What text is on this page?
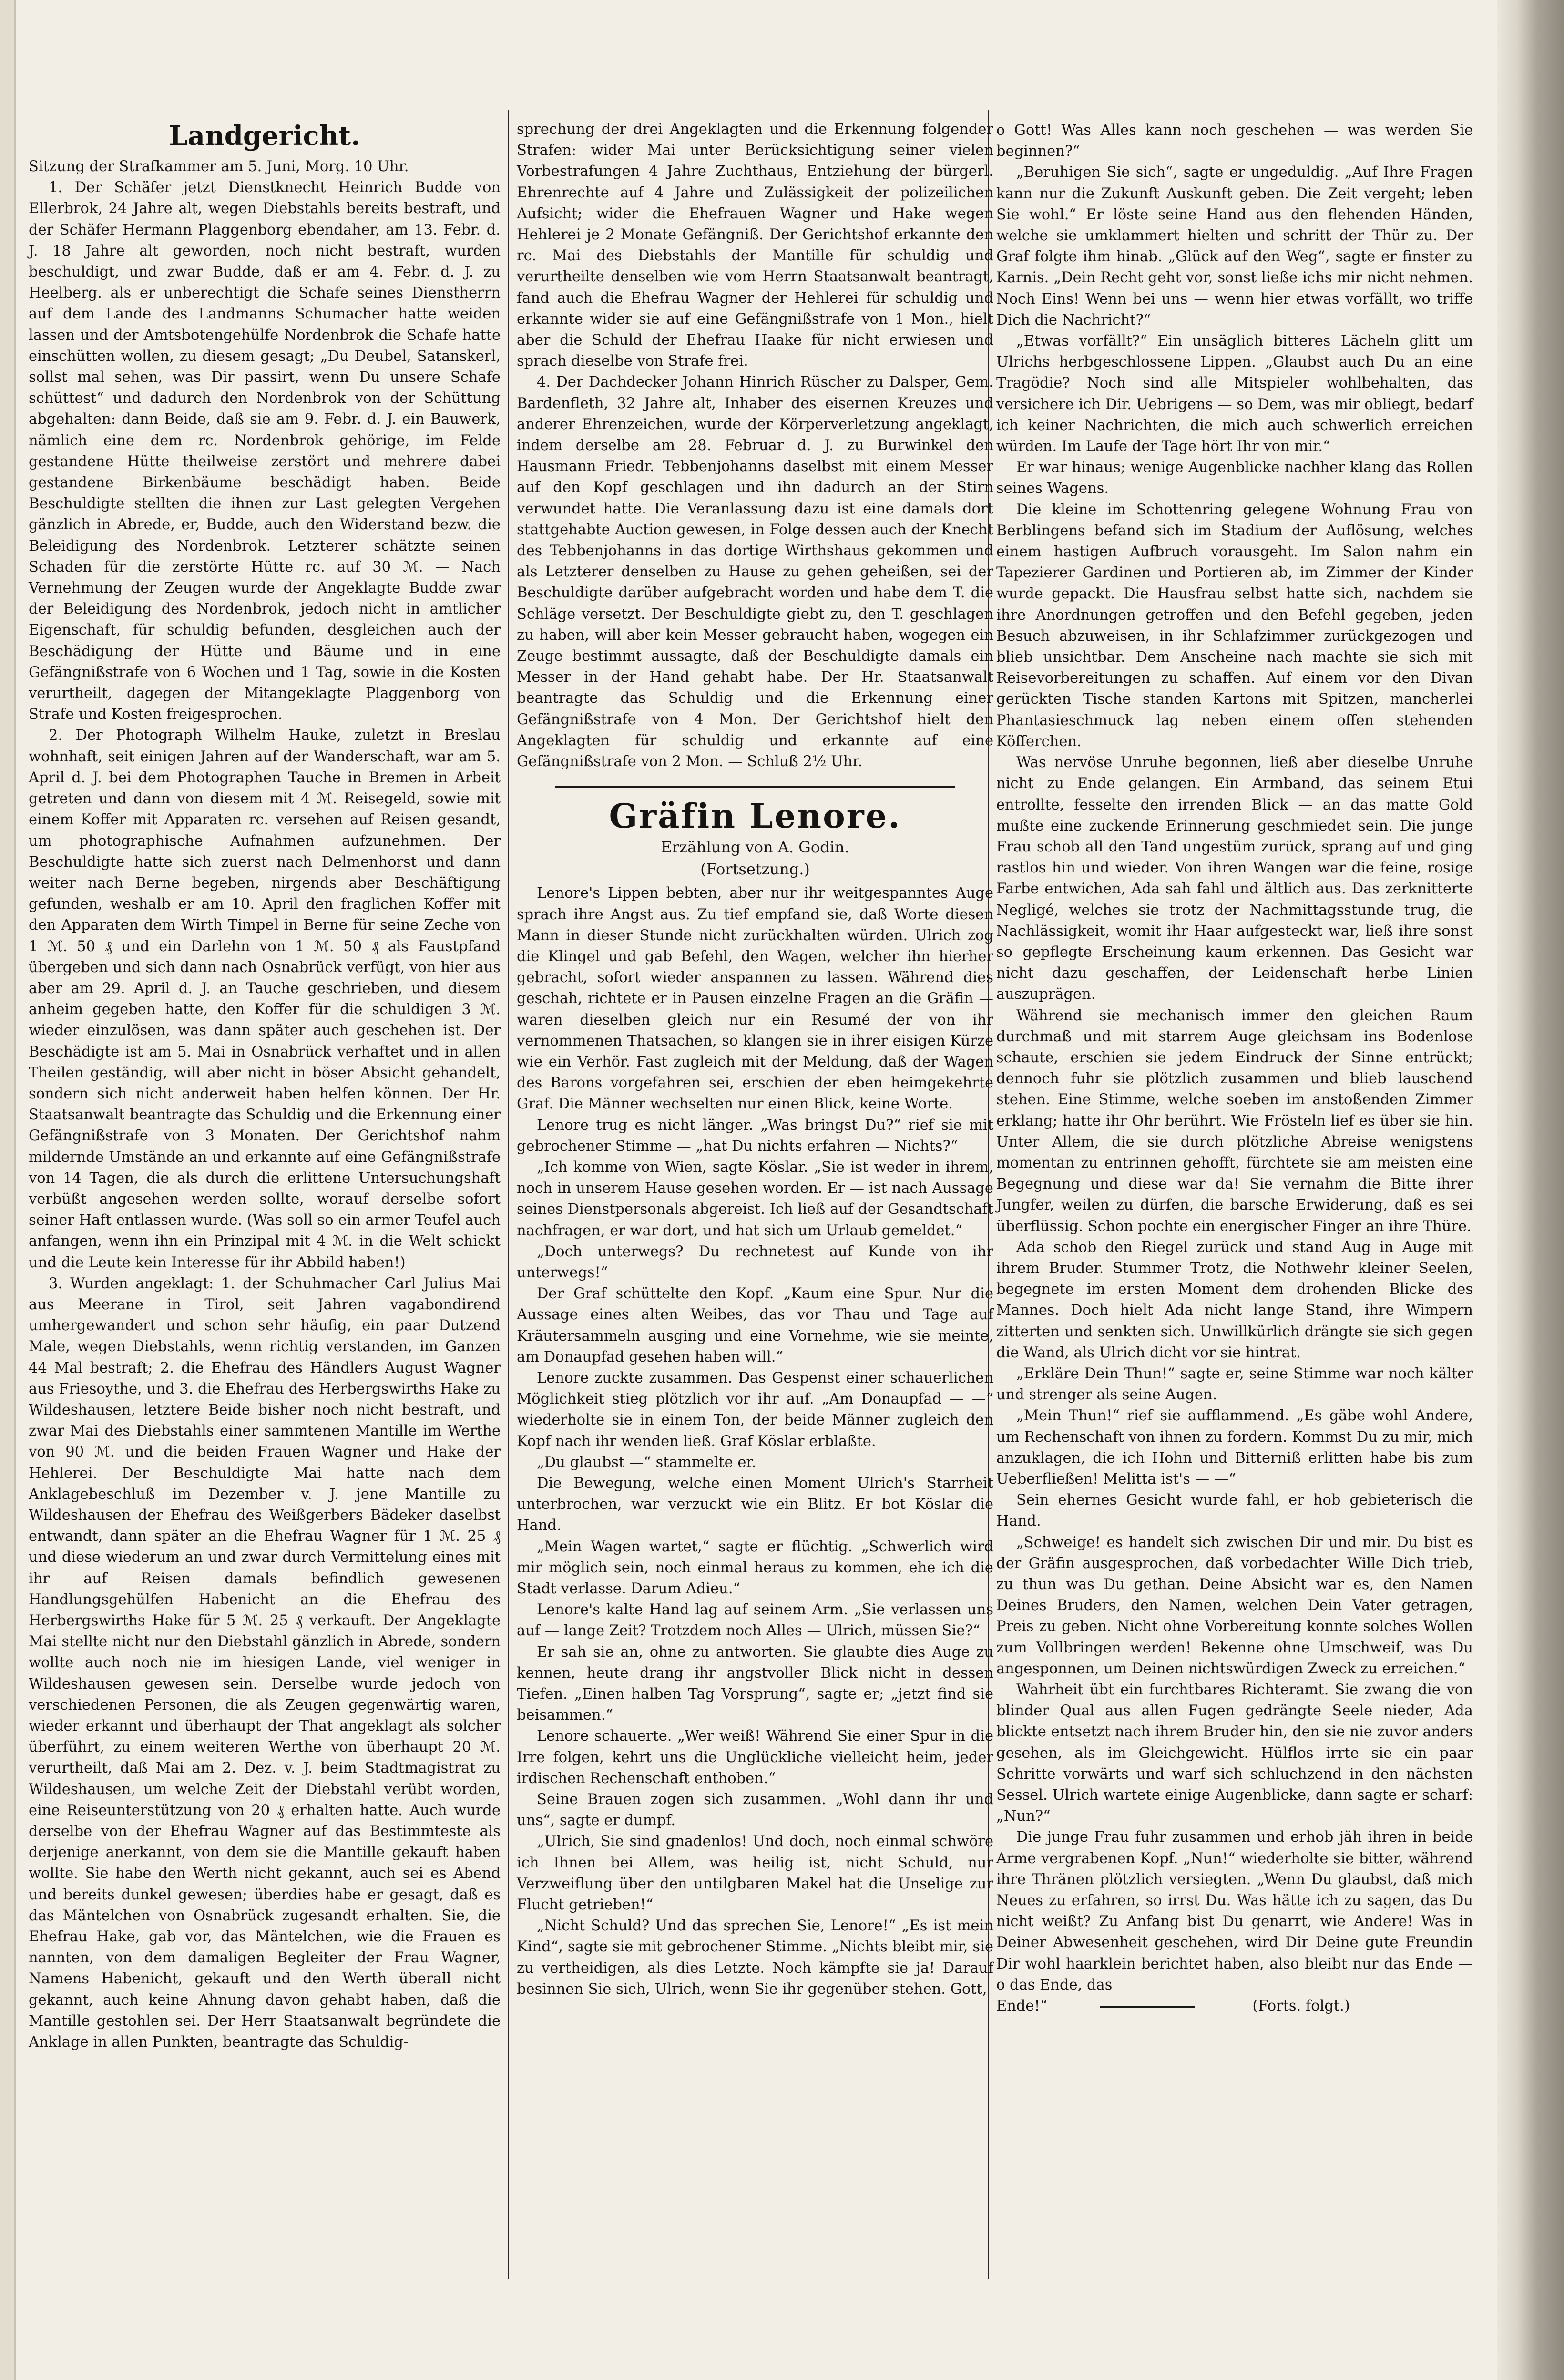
Landgericht.

Sitzung der Strafkammer am 5. Juni, Morg. 10 Uhr.

1. Der Schäfer jetzt Dienstknecht Heinrich Budde von Ellerbrok, 24 Jahre alt, wegen Diebstahls bereits bestraft, und der Schäfer Hermann Plaggenborg ebendaher, am 13. Febr. d. J. 18 Jahre alt geworden, noch nicht bestraft, wurden beschuldigt, und zwar Budde, daß er am 4. Febr. d. J. zu Heelberg. als er unberechtigt die Schafe seines Dienstherrn auf dem Lande des Landmanns Schumacher hatte weiden lassen und der Amtsbotengehülfe Nordenbrok die Schafe hatte einschütten wollen, zu diesem gesagt; „Du Deubel, Satanskerl, sollst mal sehen, was Dir passirt, wenn Du unsere Schafe schüttest“ und dadurch den Nordenbrok von der Schüttung abgehalten: dann Beide, daß sie am 9. Febr. d. J. ein Bauwerk, nämlich eine dem rc. Nordenbrok gehörige, im Felde gestandene Hütte theilweise zerstört und mehrere dabei gestandene Birkenbäume beschädigt haben. Beide Beschuldigte stellten die ihnen zur Last gelegten Vergehen gänzlich in Abrede, er, Budde, auch den Widerstand bezw. die Beleidigung des Nordenbrok. Letzterer schätzte seinen Schaden für die zerstörte Hütte rc. auf 30 ℳ. — Nach Vernehmung der Zeugen wurde der Angeklagte Budde zwar der Beleidigung des Nordenbrok, jedoch nicht in amtlicher Eigenschaft, für schuldig befunden, desgleichen auch der Beschädigung der Hütte und Bäume und in eine Gefängnißstrafe von 6 Wochen und 1 Tag, sowie in die Kosten verurtheilt, dagegen der Mitangeklagte Plaggenborg von Strafe und Kosten freigesprochen.

2. Der Photograph Wilhelm Hauke, zuletzt in Breslau wohnhaft, seit einigen Jahren auf der Wanderschaft, war am 5. April d. J. bei dem Photographen Tauche in Bremen in Arbeit getreten und dann von diesem mit 4 ℳ. Reisegeld, sowie mit einem Koffer mit Apparaten rc. versehen auf Reisen gesandt, um photographische Aufnahmen aufzunehmen. Der Beschuldigte hatte sich zuerst nach Delmenhorst und dann weiter nach Berne begeben, nirgends aber Beschäftigung gefunden, weshalb er am 10. April den fraglichen Koffer mit den Apparaten dem Wirth Timpel in Berne für seine Zeche von 1 ℳ. 50 ₰ und ein Darlehn von 1 ℳ. 50 ₰ als Faustpfand übergeben und sich dann nach Osnabrück verfügt, von hier aus aber am 29. April d. J. an Tauche geschrieben, und diesem anheim gegeben hatte, den Koffer für die schuldigen 3 ℳ. wieder einzulösen, was dann später auch geschehen ist. Der Beschädigte ist am 5. Mai in Osnabrück verhaftet und in allen Theilen geständig, will aber nicht in böser Absicht gehandelt, sondern sich nicht anderweit haben helfen können. Der Hr. Staatsanwalt beantragte das Schuldig und die Erkennung einer Gefängnißstrafe von 3 Monaten. Der Gerichtshof nahm mildernde Umstände an und erkannte auf eine Gefängnißstrafe von 14 Tagen, die als durch die erlittene Untersuchungshaft verbüßt angesehen werden sollte, worauf derselbe sofort seiner Haft entlassen wurde. (Was soll so ein armer Teufel auch anfangen, wenn ihn ein Prinzipal mit 4 ℳ. in die Welt schickt und die Leute kein Interesse für ihr Abbild haben!)

3. Wurden angeklagt: 1. der Schuhmacher Carl Julius Mai aus Meerane in Tirol, seit Jahren vagabondirend umhergewandert und schon sehr häufig, ein paar Dutzend Male, wegen Diebstahls, wenn richtig verstanden, im Ganzen 44 Mal bestraft; 2. die Ehefrau des Händlers August Wagner aus Friesoythe, und 3. die Ehefrau des Herbergswirths Hake zu Wildeshausen, letztere Beide bisher noch nicht bestraft, und zwar Mai des Diebstahls einer sammtenen Mantille im Werthe von 90 ℳ. und die beiden Frauen Wagner und Hake der Hehlerei. Der Beschuldigte Mai hatte nach dem Anklagebeschluß im Dezember v. J. jene Mantille zu Wildeshausen der Ehefrau des Weißgerbers Bädeker daselbst entwandt, dann später an die Ehefrau Wagner für 1 ℳ. 25 ₰ und diese wiederum an und zwar durch Vermittelung eines mit ihr auf Reisen damals befindlich gewesenen Handlungsgehülfen Habenicht an die Ehefrau des Herbergswirths Hake für 5 ℳ. 25 ₰ verkauft. Der Angeklagte Mai stellte nicht nur den Diebstahl gänzlich in Abrede, sondern wollte auch noch nie im hiesigen Lande, viel weniger in Wildeshausen gewesen sein. Derselbe wurde jedoch von verschiedenen Personen, die als Zeugen gegenwärtig waren, wieder erkannt und überhaupt der That angeklagt als solcher überführt, zu einem weiteren Werthe von überhaupt 20 ℳ. verurtheilt, daß Mai am 2. Dez. v. J. beim Stadtmagistrat zu Wildeshausen, um welche Zeit der Diebstahl verübt worden, eine Reiseunterstützung von 20 ₰ erhalten hatte. Auch wurde derselbe von der Ehefrau Wagner auf das Bestimmteste als derjenige anerkannt, von dem sie die Mantille gekauft haben wollte. Sie habe den Werth nicht gekannt, auch sei es Abend und bereits dunkel gewesen; überdies habe er gesagt, daß es das Mäntelchen von Osnabrück zugesandt erhalten. Sie, die Ehefrau Hake, gab vor, das Mäntelchen, wie die Frauen es nannten, von dem damaligen Begleiter der Frau Wagner, Namens Habenicht, gekauft und den Werth überall nicht gekannt, auch keine Ahnung davon gehabt haben, daß die Mantille gestohlen sei. Der Herr Staatsanwalt begründete die Anklage in allen Punkten, beantragte das Schuldig-

sprechung der drei Angeklagten und die Erkennung folgender Strafen: wider Mai unter Berücksichtigung seiner vielen Vorbestrafungen 4 Jahre Zuchthaus, Entziehung der bürgerl. Ehrenrechte auf 4 Jahre und Zulässigkeit der polizeilichen Aufsicht; wider die Ehefrauen Wagner und Hake wegen Hehlerei je 2 Monate Gefängniß. Der Gerichtshof erkannte den rc. Mai des Diebstahls der Mantille für schuldig und verurtheilte denselben wie vom Herrn Staatsanwalt beantragt, fand auch die Ehefrau Wagner der Hehlerei für schuldig und erkannte wider sie auf eine Gefängnißstrafe von 1 Mon., hielt aber die Schuld der Ehefrau Haake für nicht erwiesen und sprach dieselbe von Strafe frei.

4. Der Dachdecker Johann Hinrich Rüscher zu Dalsper, Gem. Bardenfleth, 32 Jahre alt, Inhaber des eisernen Kreuzes und anderer Ehrenzeichen, wurde der Körperverletzung angeklagt, indem derselbe am 28. Februar d. J. zu Burwinkel den Hausmann Friedr. Tebbenjohanns daselbst mit einem Messer auf den Kopf geschlagen und ihn dadurch an der Stirn verwundet hatte. Die Veranlassung dazu ist eine damals dort stattgehabte Auction gewesen, in Folge dessen auch der Knecht des Tebbenjohanns in das dortige Wirthshaus gekommen und als Letzterer denselben zu Hause zu gehen geheißen, sei der Beschuldigte darüber aufgebracht worden und habe dem T. die Schläge versetzt. Der Beschuldigte giebt zu, den T. geschlagen zu haben, will aber kein Messer gebraucht haben, wogegen ein Zeuge bestimmt aussagte, daß der Beschuldigte damals ein Messer in der Hand gehabt habe. Der Hr. Staatsanwalt beantragte das Schuldig und die Erkennung einer Gefängnißstrafe von 4 Mon. Der Gerichtshof hielt den Angeklagten für schuldig und erkannte auf eine Gefängnißstrafe von 2 Mon. — Schluß 2½ Uhr.

Gräfin Lenore.
Erzählung von A. Godin.
(Fortsetzung.)

Lenore's Lippen bebten, aber nur ihr weitgespanntes Auge sprach ihre Angst aus. Zu tief empfand sie, daß Worte diesen Mann in dieser Stunde nicht zurückhalten würden. Ulrich zog die Klingel und gab Befehl, den Wagen, welcher ihn hierher gebracht, sofort wieder anspannen zu lassen. Während dies geschah, richtete er in Pausen einzelne Fragen an die Gräfin — waren dieselben gleich nur ein Resumé der von ihr vernommenen Thatsachen, so klangen sie in ihrer eisigen Kürze wie ein Verhör. Fast zugleich mit der Meldung, daß der Wagen des Barons vorgefahren sei, erschien der eben heimgekehrte Graf. Die Männer wechselten nur einen Blick, keine Worte.

Lenore trug es nicht länger. „Was bringst Du?“ rief sie mit gebrochener Stimme — „hat Du nichts erfahren — Nichts?“

„Ich komme von Wien, sagte Köslar. „Sie ist weder in ihrem, noch in unserem Hause gesehen worden. Er — ist nach Aussage seines Dienstpersonals abgereist. Ich ließ auf der Gesandtschaft nachfragen, er war dort, und hat sich um Urlaub gemeldet.“

„Doch unterwegs? Du rechnetest auf Kunde von ihr unterwegs!“

Der Graf schüttelte den Kopf. „Kaum eine Spur. Nur die Aussage eines alten Weibes, das vor Thau und Tage auf Kräutersammeln ausging und eine Vornehme, wie sie meinte, am Donaupfad gesehen haben will.“

Lenore zuckte zusammen. Das Gespenst einer schauerlichen Möglichkeit stieg plötzlich vor ihr auf. „Am Donaupfad — —“ wiederholte sie in einem Ton, der beide Männer zugleich den Kopf nach ihr wenden ließ. Graf Köslar erblaßte.

„Du glaubst —“ stammelte er.

Die Bewegung, welche einen Moment Ulrich's Starrheit unterbrochen, war verzuckt wie ein Blitz. Er bot Köslar die Hand.

„Mein Wagen wartet,“ sagte er flüchtig. „Schwerlich wird mir möglich sein, noch einmal heraus zu kommen, ehe ich die Stadt verlasse. Darum Adieu.“

Lenore's kalte Hand lag auf seinem Arm. „Sie verlassen uns auf — lange Zeit? Trotzdem noch Alles — Ulrich, müssen Sie?“

Er sah sie an, ohne zu antworten. Sie glaubte dies Auge zu kennen, heute drang ihr angstvoller Blick nicht in dessen Tiefen. „Einen halben Tag Vorsprung“, sagte er; „jetzt find sie beisammen.“

Lenore schauerte. „Wer weiß! Während Sie einer Spur in die Irre folgen, kehrt uns die Unglückliche vielleicht heim, jeder irdischen Rechenschaft enthoben.“

Seine Brauen zogen sich zusammen. „Wohl dann ihr und uns“, sagte er dumpf.

„Ulrich, Sie sind gnadenlos! Und doch, noch einmal schwöre ich Ihnen bei Allem, was heilig ist, nicht Schuld, nur Verzweiflung über den untilgbaren Makel hat die Unselige zur Flucht getrieben!“

„Nicht Schuld? Und das sprechen Sie, Lenore!“ „Es ist mein Kind“, sagte sie mit gebrochener Stimme. „Nichts bleibt mir, sie zu vertheidigen, als dies Letzte. Noch kämpfte sie ja! Darauf besinnen Sie sich, Ulrich, wenn Sie ihr gegenüber stehen. Gott,

o Gott! Was Alles kann noch geschehen — was werden Sie beginnen?“

„Beruhigen Sie sich“, sagte er ungeduldig. „Auf Ihre Fragen kann nur die Zukunft Auskunft geben. Die Zeit vergeht; leben Sie wohl.“ Er löste seine Hand aus den flehenden Händen, welche sie umklammert hielten und schritt der Thür zu. Der Graf folgte ihm hinab. „Glück auf den Weg“, sagte er finster zu Karnis. „Dein Recht geht vor, sonst ließe ichs mir nicht nehmen. Noch Eins! Wenn bei uns — wenn hier etwas vorfällt, wo triffe Dich die Nachricht?“

„Etwas vorfällt?“ Ein unsäglich bitteres Lächeln glitt um Ulrichs herbgeschlossene Lippen. „Glaubst auch Du an eine Tragödie? Noch sind alle Mitspieler wohlbehalten, das versichere ich Dir. Uebrigens — so Dem, was mir obliegt, bedarf ich keiner Nachrichten, die mich auch schwerlich erreichen würden. Im Laufe der Tage hört Ihr von mir.“

Er war hinaus; wenige Augenblicke nachher klang das Rollen seines Wagens.

Die kleine im Schottenring gelegene Wohnung Frau von Berblingens befand sich im Stadium der Auflösung, welches einem hastigen Aufbruch vorausgeht. Im Salon nahm ein Tapezierer Gardinen und Portieren ab, im Zimmer der Kinder wurde gepackt. Die Hausfrau selbst hatte sich, nachdem sie ihre Anordnungen getroffen und den Befehl gegeben, jeden Besuch abzuweisen, in ihr Schlafzimmer zurückgezogen und blieb unsichtbar. Dem Anscheine nach machte sie sich mit Reisevorbereitungen zu schaffen. Auf einem vor den Divan gerückten Tische standen Kartons mit Spitzen, mancherlei Phantasieschmuck lag neben einem offen stehenden Köfferchen.

Was nervöse Unruhe begonnen, ließ aber dieselbe Unruhe nicht zu Ende gelangen. Ein Armband, das seinem Etui entrollte, fesselte den irrenden Blick — an das matte Gold mußte eine zuckende Erinnerung geschmiedet sein. Die junge Frau schob all den Tand ungestüm zurück, sprang auf und ging rastlos hin und wieder. Von ihren Wangen war die feine, rosige Farbe entwichen, Ada sah fahl und ältlich aus. Das zerknitterte Negligé, welches sie trotz der Nachmittagsstunde trug, die Nachlässigkeit, womit ihr Haar aufgesteckt war, ließ ihre sonst so gepflegte Erscheinung kaum erkennen. Das Gesicht war nicht dazu geschaffen, der Leidenschaft herbe Linien auszuprägen.

Während sie mechanisch immer den gleichen Raum durchmaß und mit starrem Auge gleichsam ins Bodenlose schaute, erschien sie jedem Eindruck der Sinne entrückt; dennoch fuhr sie plötzlich zusammen und blieb lauschend stehen. Eine Stimme, welche soeben im anstoßenden Zimmer erklang; hatte ihr Ohr berührt. Wie Frösteln lief es über sie hin. Unter Allem, die sie durch plötzliche Abreise wenigstens momentan zu entrinnen gehofft, fürchtete sie am meisten eine Begegnung und diese war da! Sie vernahm die Bitte ihrer Jungfer, weilen zu dürfen, die barsche Erwiderung, daß es sei überflüssig. Schon pochte ein energischer Finger an ihre Thüre.

Ada schob den Riegel zurück und stand Aug in Auge mit ihrem Bruder. Stummer Trotz, die Nothwehr kleiner Seelen, begegnete im ersten Moment dem drohenden Blicke des Mannes. Doch hielt Ada nicht lange Stand, ihre Wimpern zitterten und senkten sich. Unwillkürlich drängte sie sich gegen die Wand, als Ulrich dicht vor sie hintrat.

„Erkläre Dein Thun!“ sagte er, seine Stimme war noch kälter und strenger als seine Augen.

„Mein Thun!“ rief sie aufflammend. „Es gäbe wohl Andere, um Rechenschaft von ihnen zu fordern. Kommst Du zu mir, mich anzuklagen, die ich Hohn und Bitterniß erlitten habe bis zum Ueberfließen! Melitta ist's — —“

Sein ehernes Gesicht wurde fahl, er hob gebieterisch die Hand.

„Schweige! es handelt sich zwischen Dir und mir. Du bist es der Gräfin ausgesprochen, daß vorbedachter Wille Dich trieb, zu thun was Du gethan. Deine Absicht war es, den Namen Deines Bruders, den Namen, welchen Dein Vater getragen, Preis zu geben. Nicht ohne Vorbereitung konnte solches Wollen zum Vollbringen werden! Bekenne ohne Umschweif, was Du angesponnen, um Deinen nichtswürdigen Zweck zu erreichen.“

Wahrheit übt ein furchtbares Richteramt. Sie zwang die von blinder Qual aus allen Fugen gedrängte Seele nieder, Ada blickte entsetzt nach ihrem Bruder hin, den sie nie zuvor anders gesehen, als im Gleichgewicht. Hülflos irrte sie ein paar Schritte vorwärts und warf sich schluchzend in den nächsten Sessel. Ulrich wartete einige Augenblicke, dann sagte er scharf: „Nun?“

Die junge Frau fuhr zusammen und erhob jäh ihren in beide Arme vergrabenen Kopf. „Nun!“ wiederholte sie bitter, während ihre Thränen plötzlich versiegten. „Wenn Du glaubst, daß mich Neues zu erfahren, so irrst Du. Was hätte ich zu sagen, das Du nicht weißt? Zu Anfang bist Du genarrt, wie Andere! Was in Deiner Abwesenheit geschehen, wird Dir Deine gute Freundin Dir wohl haarklein berichtet haben, also bleibt nur das Ende — o das Ende, das

Ende!“	(Forts. folgt.)
